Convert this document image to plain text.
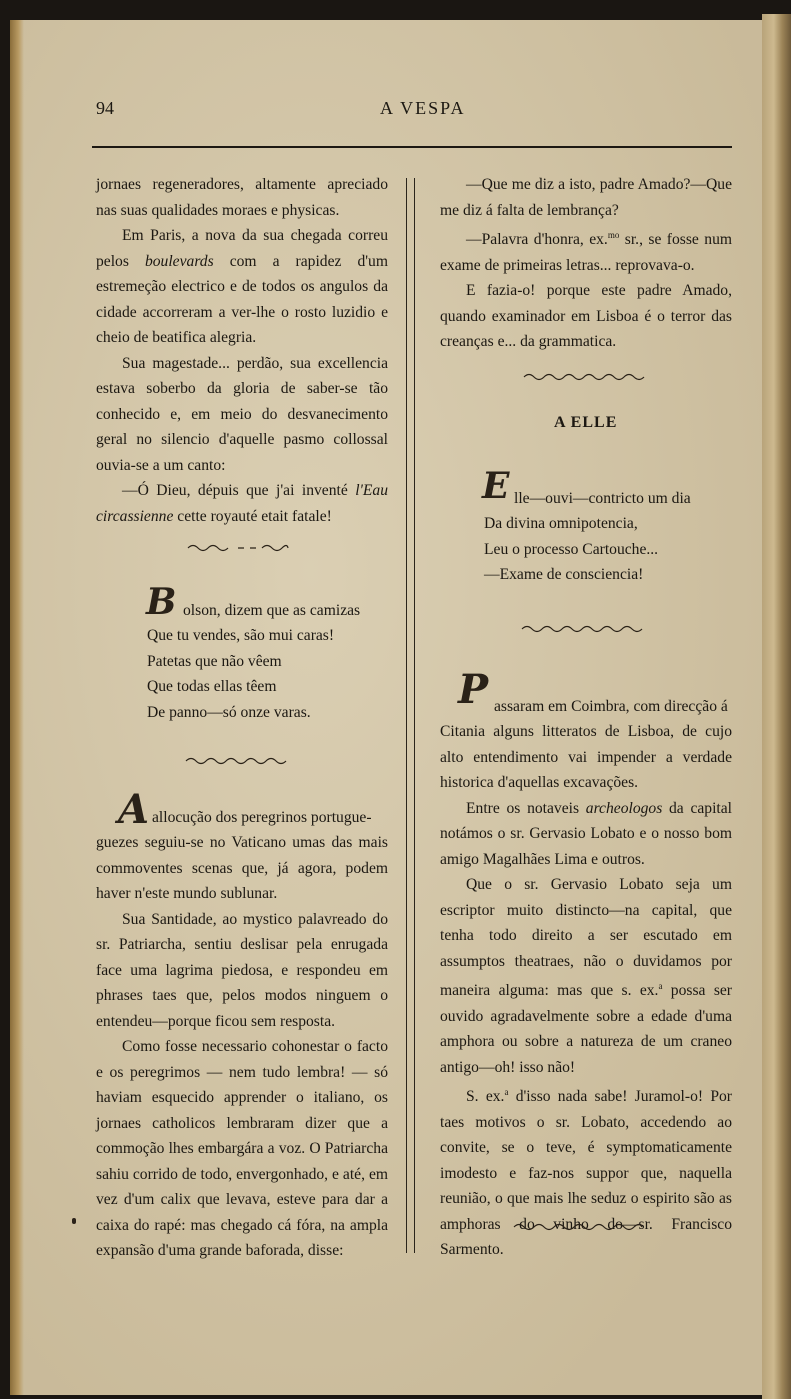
94	A VESPA

jornaes regeneradores, altamente apreciado nas suas qualidades moraes e physicas.

Em Paris, a nova da sua chegada correu pelos boulevards com a rapidez d'um estremeção electrico e de todos os angulos da cidade accorreram a ver-lhe o rosto luzidio e cheio de beatifica alegria.

Sua magestade... perdão, sua excellencia estava soberbo da gloria de saber-se tão conhecido e, em meio do desvanecimento geral no silencio d'aquelle pasmo collossal ouvia-se a um canto:

—Ó Dieu, dépuis que j'ai inventé l'Eau circassienne cette royauté etait fatale!

B olson, dizem que as camizas
Que tu vendes, são mui caras!
Patetas que não vêem
Que todas ellas têem
De panno—só onze varas.
A allocução dos peregrinos portugue-

guezes seguiu-se no Vaticano umas das mais commoventes scenas que, já agora, podem haver n'este mundo sublunar.

Sua Santidade, ao mystico palavreado do sr. Patriarcha, sentiu deslisar pela enrugada face uma lagrima piedosa, e respondeu em phrases taes que, pelos modos ninguem o entendeu—porque ficou sem resposta.

Como fosse necessario cohonestar o facto e os peregrimos — nem tudo lembra! — só haviam esquecido apprender o italiano, os jornaes catholicos lembraram dizer que a commoção lhes embargára a voz. O Patriarcha sahiu corrido de todo, envergonhado, e até, em vez d'um calix que levava, esteve para dar a caixa do rapé: mas chegado cá fóra, na ampla expansão d'uma grande baforada, disse:

—Que me diz a isto, padre Amado?—Que me diz á falta de lembrança?

—Palavra d'honra, ex.$^{mo}$ sr., se fosse num exame de primeiras letras... reprovava-o.

E fazia-o! porque este padre Amado, quando examinador em Lisboa é o terror das creanças e... da grammatica.

A ELLE
E lle—ouvi—contricto um dia
Da divina omnipotencia,
Leu o processo Cartouche...
—Exame de consciencia!
P assaram em Coimbra, com direcção á

Citania alguns litteratos de Lisboa, de cujo alto entendimento vai impender a verdade historica d'aquellas excavações.

Entre os notaveis archeologos da capital notámos o sr. Gervasio Lobato e o nosso bom amigo Magalhães Lima e outros.

Que o sr. Gervasio Lobato seja um escriptor muito distincto—na capital, que tenha todo direito a ser escutado em assumptos theatraes, não o duvidamos por maneira alguma: mas que s. ex.$^a$ possa ser ouvido agradavelmente sobre a edade d'uma amphora ou sobre a natureza de um craneo antigo—oh! isso não!

S. ex.$^a$ d'isso nada sabe! Juramol-o! Por taes motivos o sr. Lobato, accedendo ao convite, se o teve, é symptomaticamente imodesto e faz-nos suppor que, naquella reunião, o que mais lhe seduz o espirito são as amphoras do vinho do—sr. Francisco Sarmento.
